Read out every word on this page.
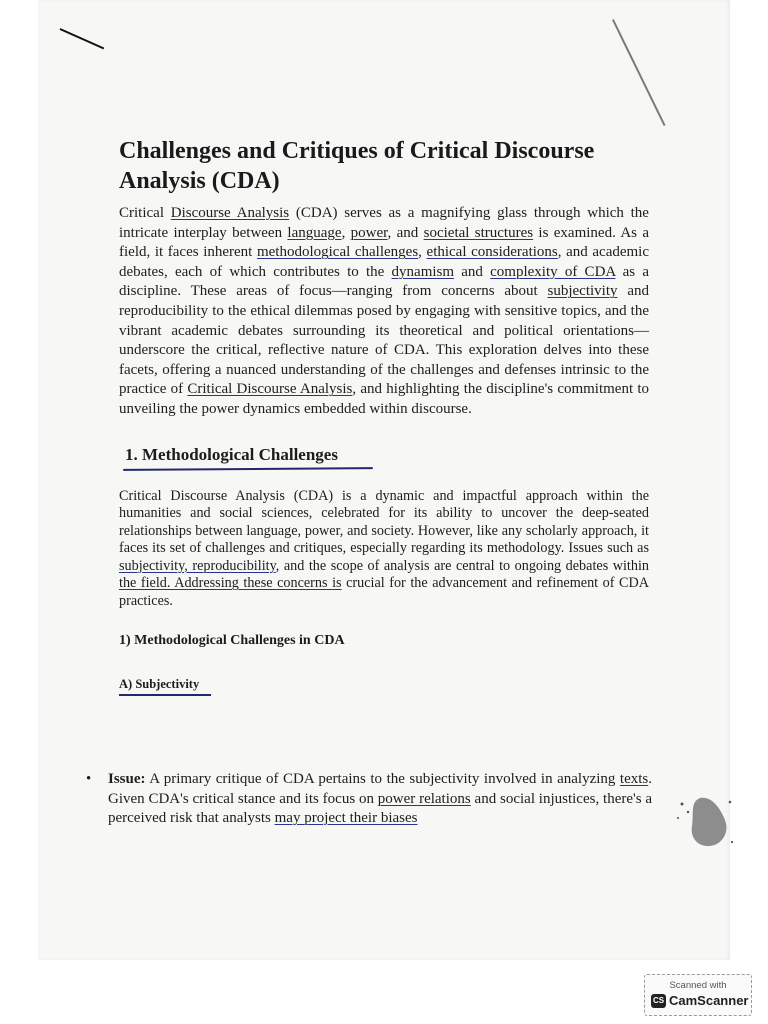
Challenges and Critiques of Critical Discourse Analysis (CDA)

Critical Discourse Analysis (CDA) serves as a magnifying glass through which the intricate interplay between language, power, and societal structures is examined. As a field, it faces inherent methodological challenges, ethical considerations, and academic debates, each of which contributes to the dynamism and complexity of CDA as a discipline. These areas of focus—ranging from concerns about subjectivity and reproducibility to the ethical dilemmas posed by engaging with sensitive topics, and the vibrant academic debates surrounding its theoretical and political orientations—underscore the critical, reflective nature of CDA. This exploration delves into these facets, offering a nuanced understanding of the challenges and defenses intrinsic to the practice of Critical Discourse Analysis, and highlighting the discipline's commitment to unveiling the power dynamics embedded within discourse.

1. Methodological Challenges

Critical Discourse Analysis (CDA) is a dynamic and impactful approach within the humanities and social sciences, celebrated for its ability to uncover the deep-seated relationships between language, power, and society. However, like any scholarly approach, it faces its set of challenges and critiques, especially regarding its methodology. Issues such as subjectivity, reproducibility, and the scope of analysis are central to ongoing debates within the field. Addressing these concerns is crucial for the advancement and refinement of CDA practices.

1) Methodological Challenges in CDA
A) Subjectivity
•	Issue: A primary critique of CDA pertains to the subjectivity involved in analyzing texts. Given CDA's critical stance and its focus on power relations and social injustices, there's a perceived risk that analysts may project their biases
Scanned with
CS CamScanner
